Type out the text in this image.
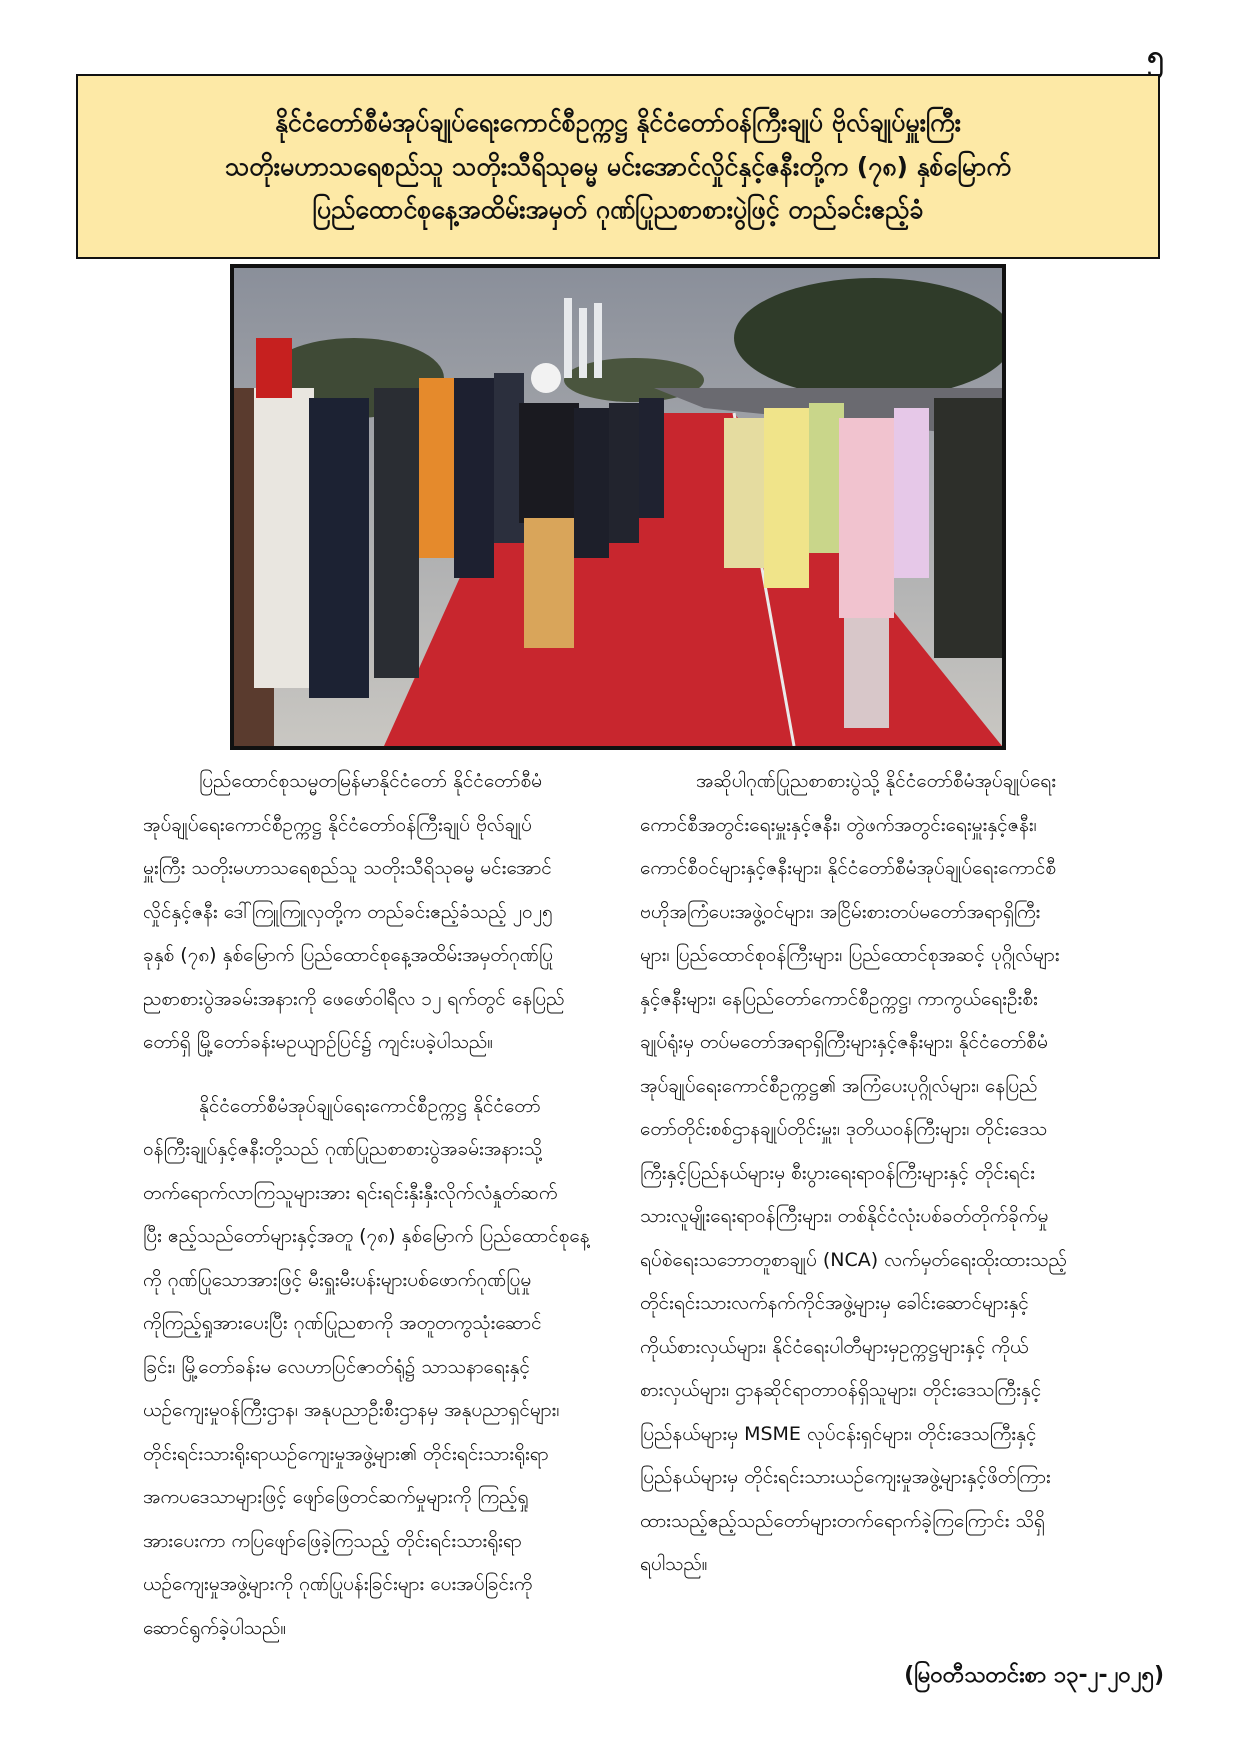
၅
နိုင်ငံတော်စီမံအုပ်ချုပ်ရေးကောင်စီဥက္ကဋ္ဌ နိုင်ငံတော်ဝန်ကြီးချုပ် ဗိုလ်ချုပ်မှူးကြီး
သတိုးမဟာသရေစည်သူ သတိုးသီရိသုဓမ္မ မင်းအောင်လှိုင်နှင့်ဇနီးတို့က (၇၈) နှစ်မြောက်
ပြည်ထောင်စုနေ့အထိမ်းအမှတ် ဂုဏ်ပြုညစာစားပွဲဖြင့် တည်ခင်းဧည့်ခံ
ပြည်ထောင်စုသမ္မတမြန်မာနိုင်ငံတော် နိုင်ငံတော်စီမံ
အုပ်ချုပ်ရေးကောင်စီဥက္ကဋ္ဌ နိုင်ငံတော်ဝန်ကြီးချုပ် ဗိုလ်ချုပ်
မှူးကြီး သတိုးမဟာသရေစည်သူ သတိုးသီရိသုဓမ္မ မင်းအောင်
လှိုင်နှင့်ဇနီး ဒေါ်ကြူကြူလှတို့က တည်ခင်းဧည့်ခံသည့် ၂၀၂၅
ခုနှစ် (၇၈) နှစ်မြောက် ပြည်ထောင်စုနေ့အထိမ်းအမှတ်ဂုဏ်ပြု
ညစာစားပွဲအခမ်းအနားကို ဖေဖော်ဝါရီလ ၁၂ ရက်တွင် နေပြည်
တော်ရှိ မြို့တော်ခန်းမဥယျာဉ်ပြင်၌ ကျင်းပခဲ့ပါသည်။
နိုင်ငံတော်စီမံအုပ်ချုပ်ရေးကောင်စီဥက္ကဋ္ဌ နိုင်ငံတော်
ဝန်ကြီးချုပ်နှင့်ဇနီးတို့သည် ဂုဏ်ပြုညစာစားပွဲအခမ်းအနားသို့
တက်ရောက်လာကြသူများအား ရင်းရင်းနှီးနှီးလိုက်လံနှုတ်ဆက်
ပြီး ဧည့်သည်တော်များနှင့်အတူ (၇၈) နှစ်မြောက် ပြည်ထောင်စုနေ့
ကို ဂုဏ်ပြုသောအားဖြင့် မီးရှူးမီးပန်းများပစ်ဖောက်ဂုဏ်ပြုမှု
ကိုကြည့်ရှုအားပေးပြီး ဂုဏ်ပြုညစာကို အတူတကွသုံးဆောင်
ခြင်း၊ မြို့တော်ခန်းမ လေဟာပြင်ဇာတ်ရုံ၌ သာသနာရေးနှင့်
ယဉ်ကျေးမှုဝန်ကြီးဌာန၊ အနုပညာဦးစီးဌာနမှ အနုပညာရှင်များ၊
တိုင်းရင်းသားရိုးရာယဉ်ကျေးမှုအဖွဲ့များ၏ တိုင်းရင်းသားရိုးရာ
အကပဒေသာများဖြင့် ဖျော်ဖြေတင်ဆက်မှုများကို ကြည့်ရှု
အားပေးကာ ကပြဖျော်ဖြေခဲ့ကြသည့် တိုင်းရင်းသားရိုးရာ
ယဉ်ကျေးမှုအဖွဲ့များကို ဂုဏ်ပြုပန်းခြင်းများ ပေးအပ်ခြင်းကို
ဆောင်ရွက်ခဲ့ပါသည်။
အဆိုပါဂုဏ်ပြုညစာစားပွဲသို့ နိုင်ငံတော်စီမံအုပ်ချုပ်ရေး
ကောင်စီအတွင်းရေးမှူးနှင့်ဇနီး၊ တွဲဖက်အတွင်းရေးမှူးနှင့်ဇနီး၊
ကောင်စီဝင်များနှင့်ဇနီးများ၊ နိုင်ငံတော်စီမံအုပ်ချုပ်ရေးကောင်စီ
ဗဟိုအကြံပေးအဖွဲ့ဝင်များ၊ အငြိမ်းစားတပ်မတော်အရာရှိကြီး
များ၊ ပြည်ထောင်စုဝန်ကြီးများ၊ ပြည်ထောင်စုအဆင့် ပုဂ္ဂိုလ်များ
နှင့်ဇနီးများ၊ နေပြည်တော်ကောင်စီဥက္ကဋ္ဌ၊ ကာကွယ်ရေးဦးစီး
ချုပ်ရုံးမှ တပ်မတော်အရာရှိကြီးများနှင့်ဇနီးများ၊ နိုင်ငံတော်စီမံ
အုပ်ချုပ်ရေးကောင်စီဥက္ကဋ္ဌ၏ အကြံပေးပုဂ္ဂိုလ်များ၊ နေပြည်
တော်တိုင်းစစ်ဌာနချုပ်တိုင်းမှူး၊ ဒုတိယဝန်ကြီးများ၊ တိုင်းဒေသ
ကြီးနှင့်ပြည်နယ်များမှ စီးပွားရေးရာဝန်ကြီးများနှင့် တိုင်းရင်း
သားလူမျိုးရေးရာဝန်ကြီးများ၊ တစ်နိုင်ငံလုံးပစ်ခတ်တိုက်ခိုက်မှု
ရပ်စဲရေးသဘောတူစာချုပ် (NCA) လက်မှတ်ရေးထိုးထားသည့်
တိုင်းရင်းသားလက်နက်ကိုင်အဖွဲ့များမှ ခေါင်းဆောင်များနှင့်
ကိုယ်စားလှယ်များ၊ နိုင်ငံရေးပါတီများမှဥက္ကဋ္ဌများနှင့် ကိုယ်
စားလှယ်များ၊ ဌာနဆိုင်ရာတာဝန်ရှိသူများ၊ တိုင်းဒေသကြီးနှင့်
ပြည်နယ်များမှ MSME လုပ်ငန်းရှင်များ၊ တိုင်းဒေသကြီးနှင့်
ပြည်နယ်များမှ တိုင်းရင်းသားယဉ်ကျေးမှုအဖွဲ့များနှင့်ဖိတ်ကြား
ထားသည့်ဧည့်သည်တော်များတက်ရောက်ခဲ့ကြကြောင်း သိရှိ
ရပါသည်။
(မြဝတီသတင်းစာ ၁၃-၂-၂၀၂၅)
